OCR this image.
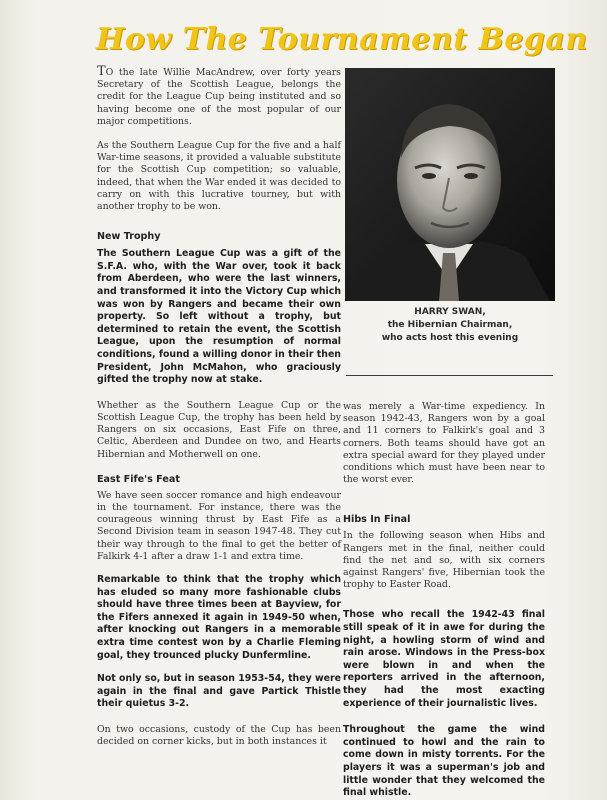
How The Tournament Began

TO the late Willie MacAndrew, over forty years Secretary of the Scottish League, belongs the credit for the League Cup being instituted and so having become one of the most popular of our major competitions.

As the Southern League Cup for the five and a half War-time seasons, it provided a valuable substitute for the Scottish Cup competition; so valuable, indeed, that when the War ended it was decided to carry on with this lucrative tourney, but with another trophy to be won.

New Trophy

The Southern League Cup was a gift of the S.F.A. who, with the War over, took it back from Aberdeen, who were the last winners, and transformed it into the Victory Cup which was won by Rangers and became their own property. So left without a trophy, but determined to retain the event, the Scottish League, upon the resumption of normal conditions, found a willing donor in their then President, John McMahon, who graciously gifted the trophy now at stake.

Whether as the Southern League Cup or the Scottish League Cup, the trophy has been held by Rangers on six occasions, East Fife on three, Celtic, Aberdeen and Dundee on two, and Hearts Hibernian and Motherwell on one.

East Fife's Feat

We have seen soccer romance and high endeavour in the tournament. For instance, there was the courageous winning thrust by East Fife as a Second Division team in season 1947-48. They cut their way through to the final to get the better of Falkirk 4-1 after a draw 1-1 and extra time.

Remarkable to think that the trophy which has eluded so many more fashionable clubs should have three times been at Bayview, for the Fifers annexed it again in 1949-50 when, after knocking out Rangers in a memorable extra time contest won by a Charlie Fleming goal, they trounced plucky Dunfermline.

Not only so, but in season 1953-54, they were again in the final and gave Partick Thistle their quietus 3-2.

On two occasions, custody of the Cup has been decided on corner kicks, but in both instances it

HARRY SWAN,
the Hibernian Chairman,
who acts host this evening

was merely a War-time expediency. In season 1942-43, Rangers won by a goal and 11 corners to Falkirk's goal and 3 corners. Both teams should have got an extra special award for they played under conditions which must have been near to the worst ever.

Hibs In Final

In the following season when Hibs and Rangers met in the final, neither could find the net and so, with six corners against Rangers' five, Hibernian took the trophy to Easter Road.

Those who recall the 1942-43 final still speak of it in awe for during the night, a howling storm of wind and rain arose. Windows in the Press-box were blown in and when the reporters arrived in the afternoon, they had the most exacting experience of their journalistic lives.

Throughout the game the wind continued to howl and the rain to come down in misty torrents. For the players it was a superman's job and little wonder that they welcomed the final whistle.
